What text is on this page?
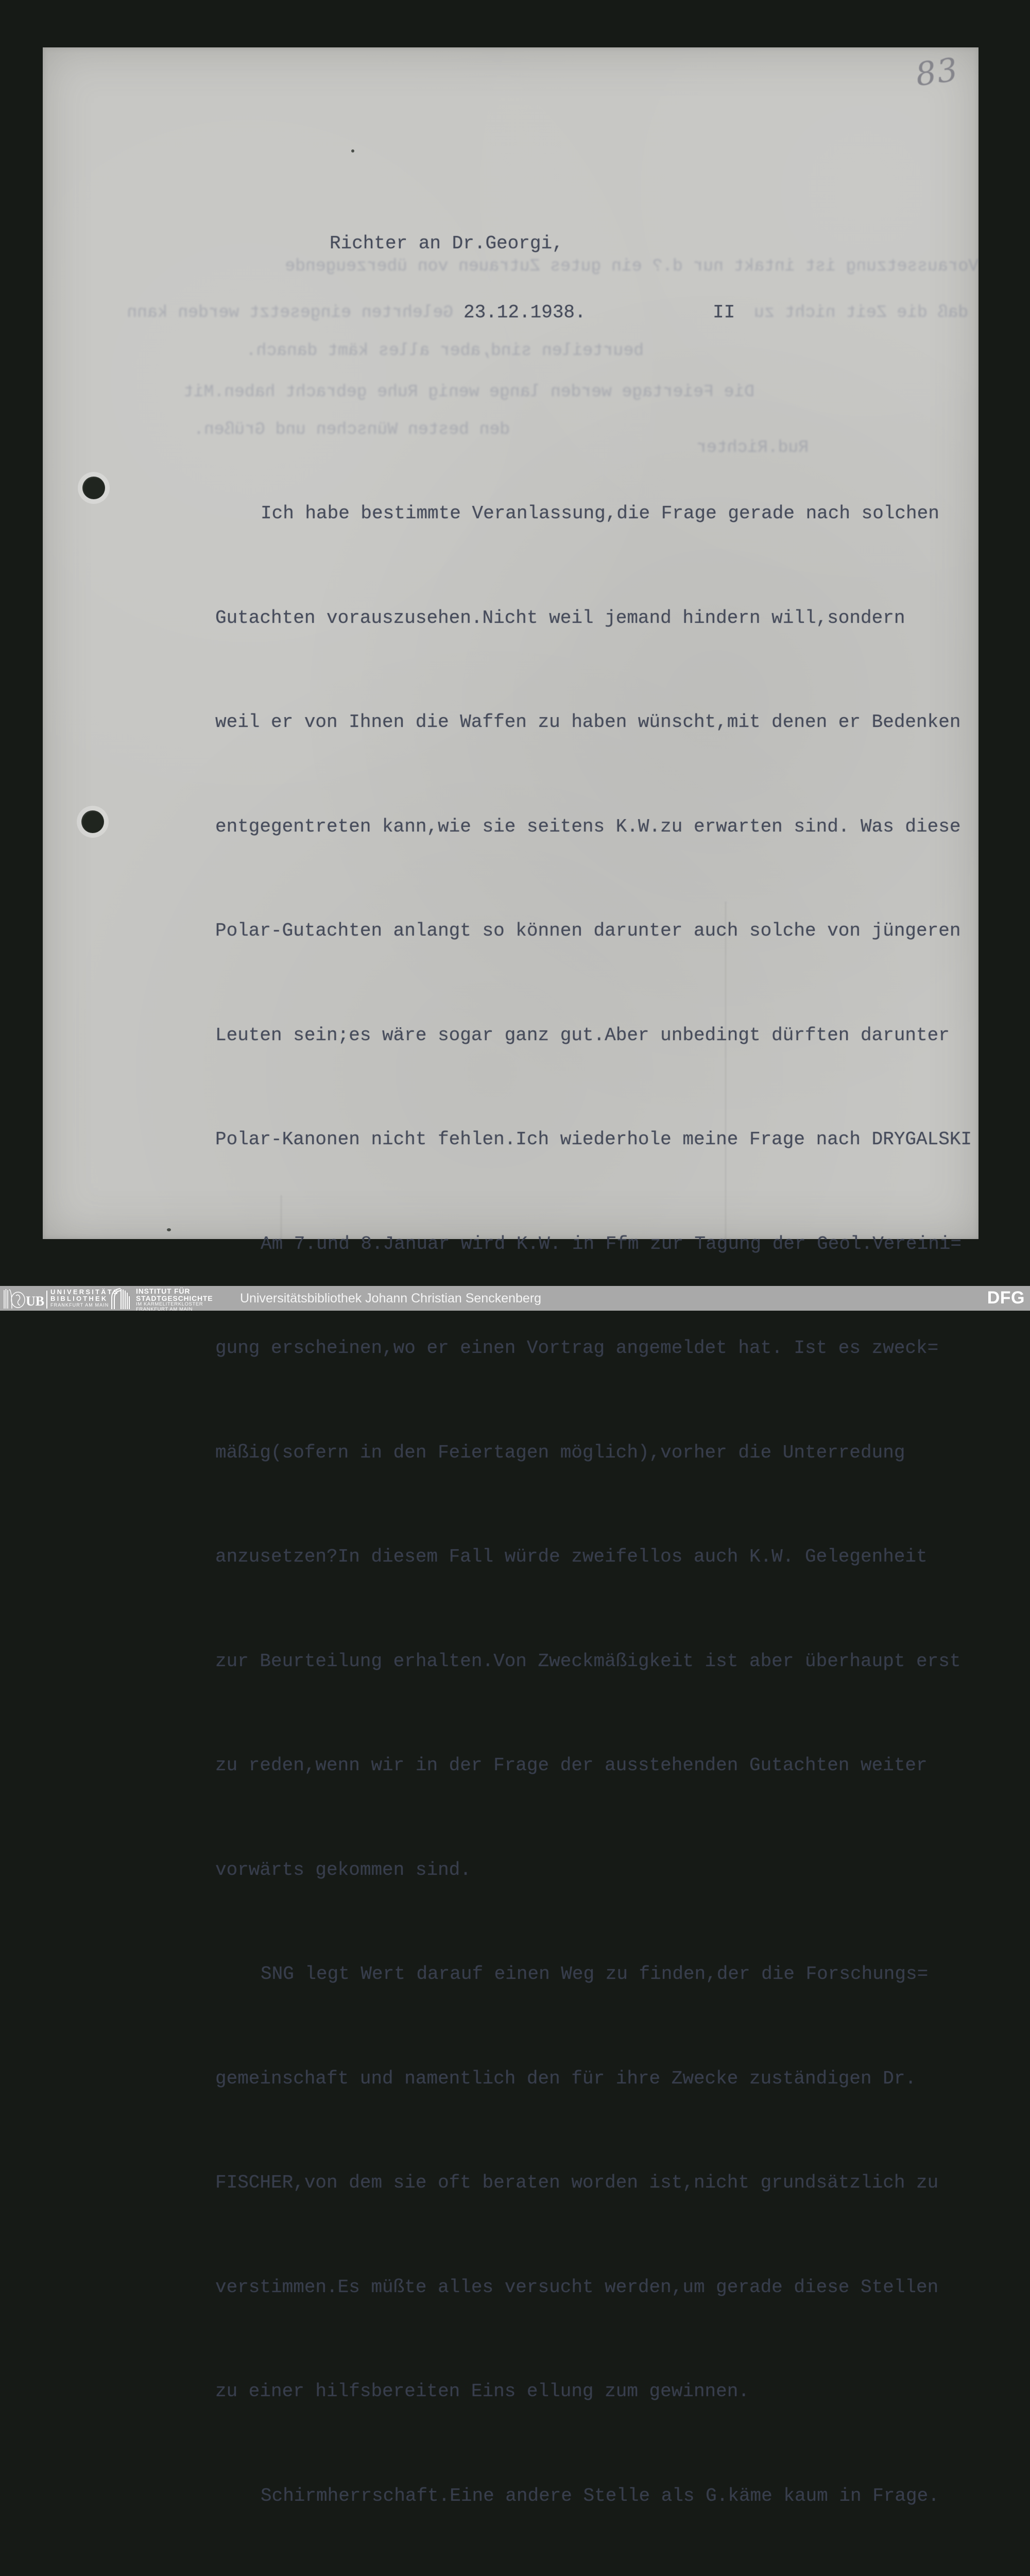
83
Voraussetzung ist intakt nur d.? ein gutes Zutrauen von überzeugende
Gelehrten eingesetzt werden kann	daß die Zeit nicht zu
beurteilen sind,aber alles kämt danach.
Die Feiertage werden lange wenig Ruhe gebracht haben.Mit
den besten Wünschen und Grüßen.
Rud.Richter
Richter an Dr.Georgi,
23.12.1938.	II

Ich habe bestimmte Veranlassung,die Frage gerade nach solchen

Gutachten vorauszusehen.Nicht weil jemand hindern will,sondern

weil er von Ihnen die Waffen zu haben wünscht,mit denen er Bedenken

entgegentreten kann,wie sie seitens K.W.zu erwarten sind. Was diese

Polar-Gutachten anlangt so können darunter auch solche von jüngeren

Leuten sein;es wäre sogar ganz gut.Aber unbedingt dürften darunter

Polar-Kanonen nicht fehlen.Ich wiederhole meine Frage nach DRYGALSKI

Am 7.und 8.Januar wird K.W. in Ffm zur Tagung der Geol.Vereini=

gung erscheinen,wo er einen Vortrag angemeldet hat. Ist es zweck=

mäßig(sofern in den Feiertagen möglich),vorher die Unterredung

anzusetzen?In diesem Fall würde zweifellos auch K.W. Gelegenheit

zur Beurteilung erhalten.Von Zweckmäßigkeit ist aber überhaupt erst

zu reden,wenn wir in der Frage der ausstehenden Gutachten weiter

vorwärts gekommen sind.

SNG legt Wert darauf einen Weg zu finden,der die Forschungs=

gemeinschaft und namentlich den für ihre Zwecke zuständigen Dr.

FISCHER,von dem sie oft beraten worden ist,nicht grundsätzlich zu

verstimmen.Es müßte alles versucht werden,um gerade diese Stellen

zu einer hilfsbereiten Eins ellung zum gewinnen.

Schirmherrschaft.Eine andere Stelle als G.käme kaum in Frage.

UB
UNIVERSITÄTS
BIBLIOTHEK
FRANKFURT AM MAIN
INSTITUT FÜR
STADTGESCHICHTE
IM KARMELITERKLOSTER
FRANKFURT AM MAIN
Universitätsbibliothek Johann Christian Senckenberg	DFG
